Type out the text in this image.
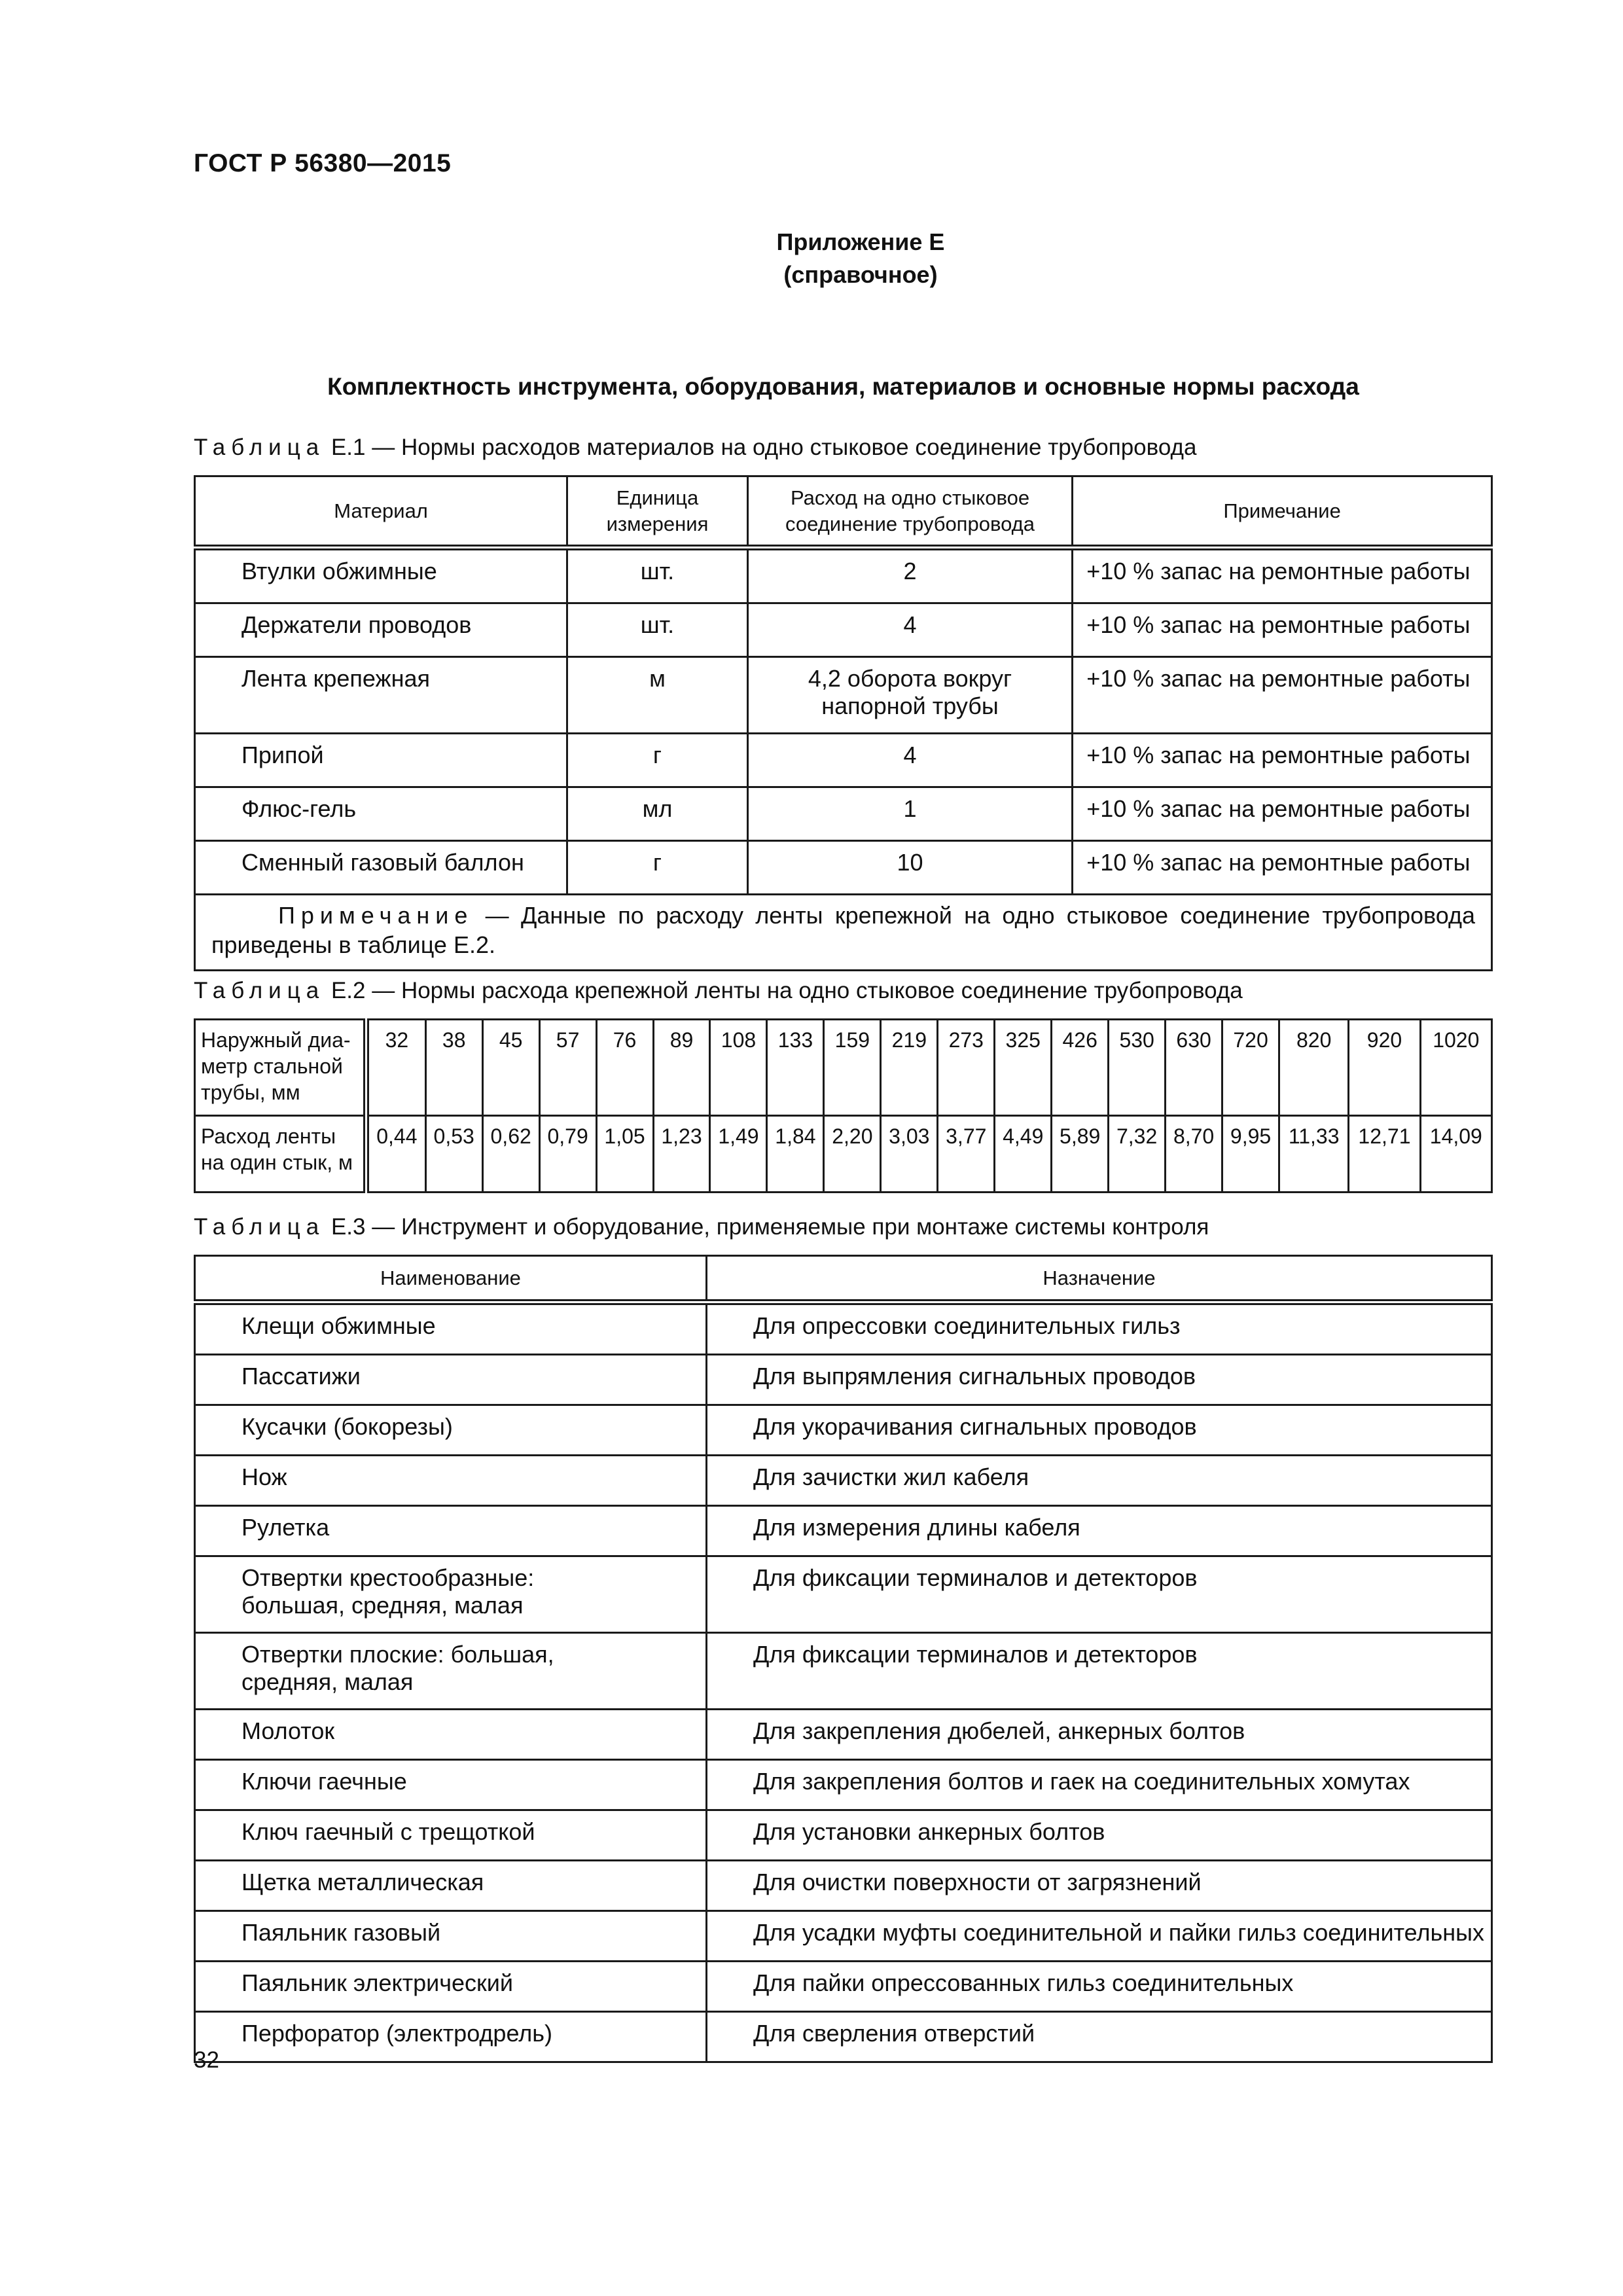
ГОСТ Р 56380—2015
Приложение Е
(справочное)
Комплектность инструмента, оборудования, материалов и основные нормы расхода
Таблица Е.1 — Нормы расходов материалов на одно стыковое соединение трубопровода
Материал	Единица измерения	Расход на одно стыковое соединение трубопровода	Примечание
Втулки обжимные	шт.	2	+10 % запас на ремонтные работы
Держатели проводов	шт.	4	+10 % запас на ремонтные работы
Лента крепежная	м	4,2 оборота вокруг напорной трубы	+10 % запас на ремонтные работы
Припой	г	4	+10 % запас на ремонтные работы
Флюс-гель	мл	1	+10 % запас на ремонтные работы
Сменный газовый баллон	г	10	+10 % запас на ремонтные работы
Примечание — Данные по расходу ленты крепежной на одно стыковое соединение трубопровода приведены в таблице Е.2.			
Таблица Е.2 — Нормы расхода крепежной ленты на одно стыковое соединение трубопровода
Наружный диа-метр стальной трубы, мм	32	38	45	57	76	89	108	133	159	219	273	325	426	530	630	720	820	920	1020
Расход ленты на один стык, м	0,44	0,53	0,62	0,79	1,05	1,23	1,49	1,84	2,20	3,03	3,77	4,49	5,89	7,32	8,70	9,95	11,33	12,71	14,09
Таблица Е.3 — Инструмент и оборудование, применяемые при монтаже системы контроля
Наименование	Назначение
Клещи обжимные	Для опрессовки соединительных гильз
Пассатижи	Для выпрямления сигнальных проводов
Кусачки (бокорезы)	Для укорачивания сигнальных проводов
Нож	Для зачистки жил кабеля
Рулетка	Для измерения длины кабеля
Отвертки крестообразные: большая, средняя, малая	Для фиксации терминалов и детекторов
Отвертки плоские: большая, средняя, малая	Для фиксации терминалов и детекторов
Молоток	Для закрепления дюбелей, анкерных болтов
Ключи гаечные	Для закрепления болтов и гаек на соединительных хомутах
Ключ гаечный с трещоткой	Для установки анкерных болтов
Щетка металлическая	Для очистки поверхности от загрязнений
Паяльник газовый	Для усадки муфты соединительной и пайки гильз соединительных
Паяльник электрический	Для пайки опрессованных гильз соединительных
Перфоратор (электродрель)	Для сверления отверстий
32
